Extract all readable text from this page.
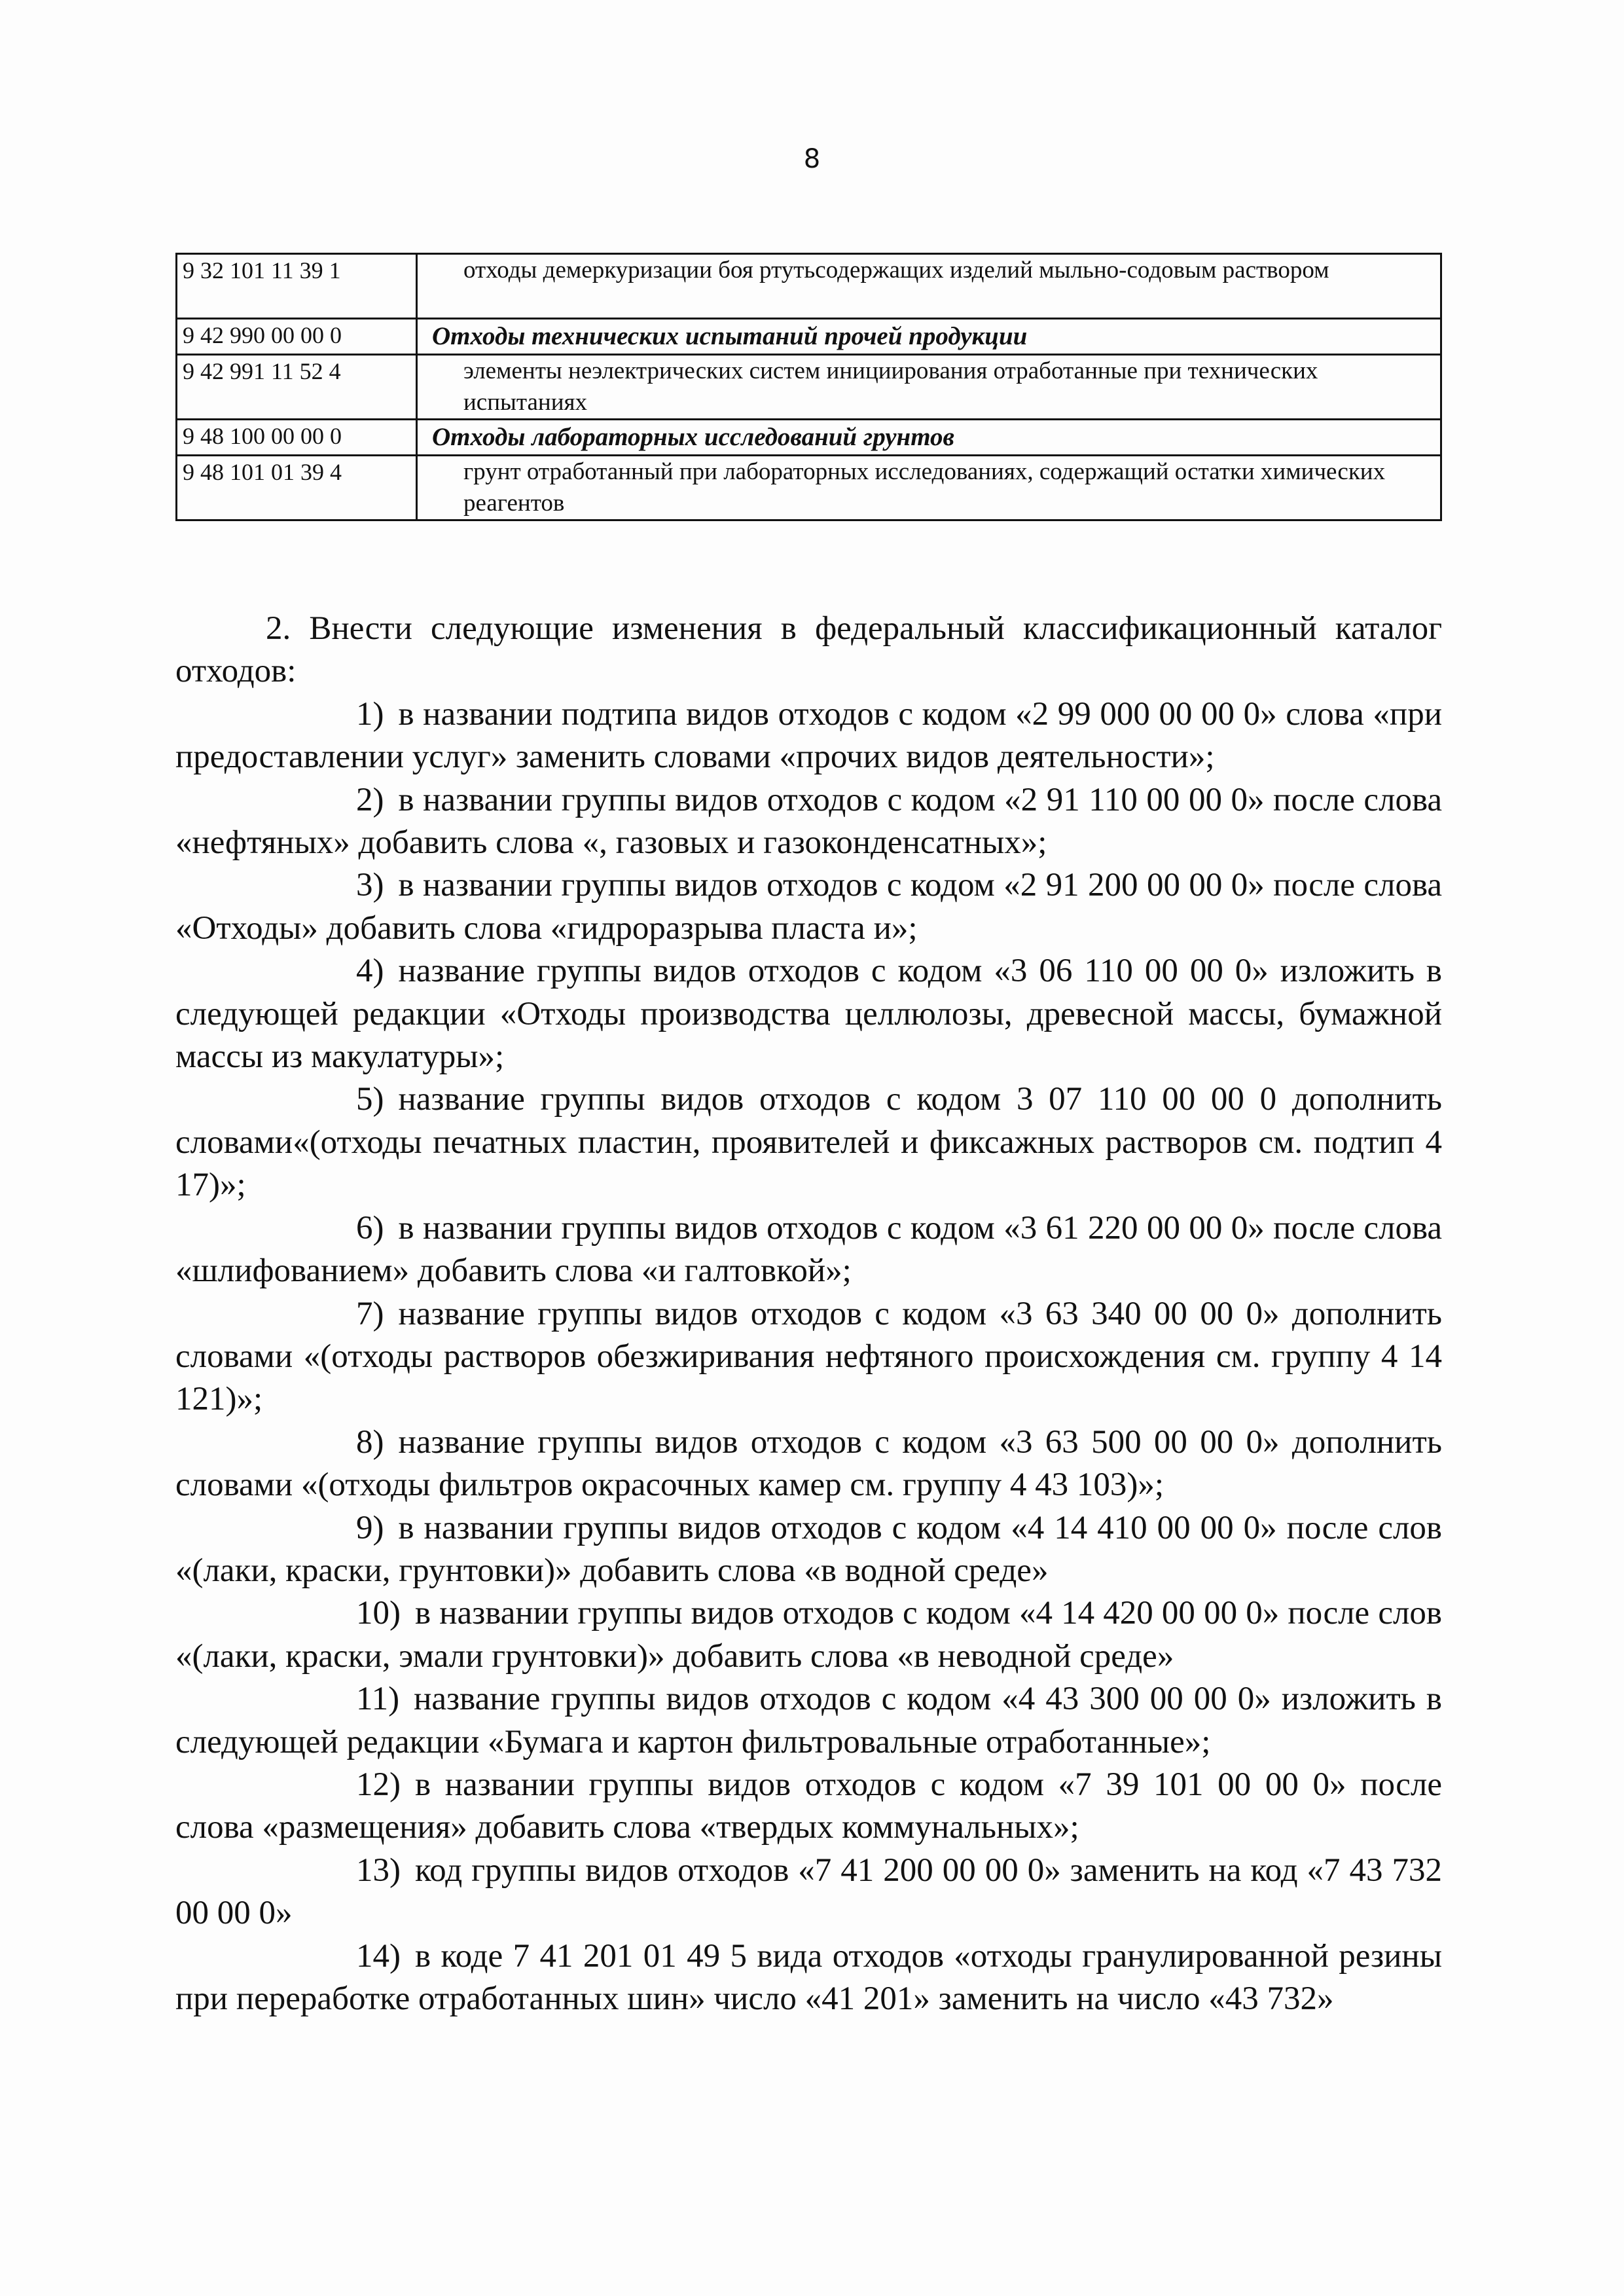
8
9 32 101 11 39 1	отходы демеркуризации боя ртутьсодержащих изделий мыльно-содовым раствором
9 42 990 00 00 0	Отходы технических испытаний прочей продукции
9 42 991 11 52 4	элементы неэлектрических систем инициирования отработанные при технических испытаниях
9 48 100 00 00 0	Отходы лабораторных исследований грунтов
9 48 101 01 39 4	грунт отработанный при лабораторных исследованиях, содержащий остатки химических реагентов

2. Внести следующие изменения в федеральный классификационный каталог отходов:

1) в названии подтипа видов отходов с кодом «2 99 000 00 00 0» слова «при предоставлении услуг» заменить словами «прочих видов деятельности»;

2) в названии группы видов отходов с кодом «2 91 110 00 00 0» после слова «нефтяных» добавить слова «, газовых и газоконденсатных»;

3) в названии группы видов отходов с кодом «2 91 200 00 00 0» после слова «Отходы» добавить слова «гидроразрыва пласта и»;

4) название группы видов отходов с кодом «3 06 110 00 00 0» изложить в следующей редакции «Отходы производства целлюлозы, древесной массы, бумажной массы из макулатуры»;

5) название группы видов отходов с кодом 3 07 110 00 00 0 дополнить словами«(отходы печатных пластин, проявителей и фиксажных растворов см. подтип 4 17)»;

6) в названии группы видов отходов с кодом «3 61 220 00 00 0» после слова «шлифованием» добавить слова «и галтовкой»;

7) название группы видов отходов с кодом «3 63 340 00 00 0» дополнить словами «(отходы растворов обезжиривания нефтяного происхождения см. группу 4 14 121)»;

8) название группы видов отходов с кодом «3 63 500 00 00 0» дополнить словами «(отходы фильтров окрасочных камер см. группу 4 43 103)»;

9) в названии группы видов отходов с кодом «4 14 410 00 00 0» после слов «(лаки, краски, грунтовки)» добавить слова «в водной среде»

10) в названии группы видов отходов с кодом «4 14 420 00 00 0» после слов «(лаки, краски, эмали грунтовки)» добавить слова «в неводной среде»

11) название группы видов отходов с кодом «4 43 300 00 00 0» изложить в следующей редакции «Бумага и картон фильтровальные отработанные»;

12) в названии группы видов отходов с кодом «7 39 101 00 00 0» после слова «размещения» добавить слова «твердых коммунальных»;

13) код группы видов отходов «7 41 200 00 00 0» заменить на код «7 43 732 00 00 0»

14) в коде 7 41 201 01 49 5 вида отходов «отходы гранулированной резины при переработке отработанных шин» число «41 201» заменить на число «43 732»
